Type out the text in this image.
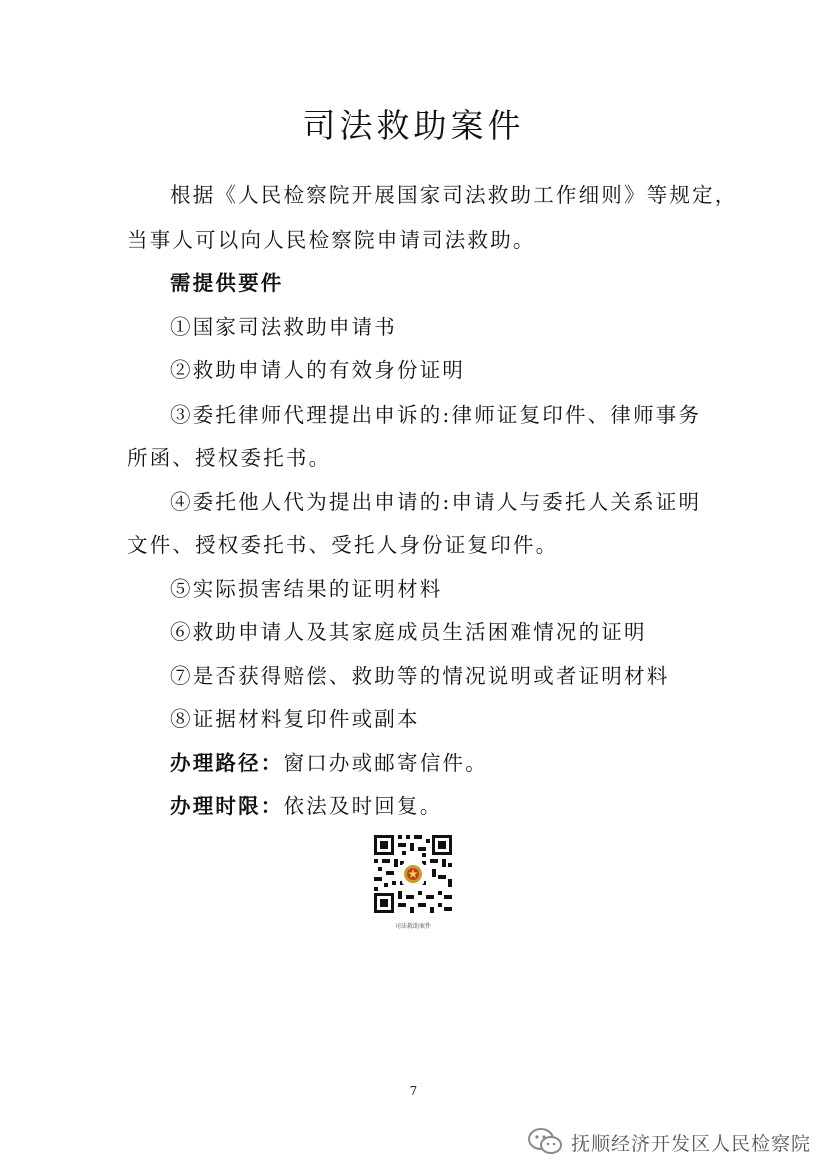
司法救助案件
根据《人民检察院开展国家司法救助工作细则》等规定，
当事人可以向人民检察院申请司法救助。
需提供要件
①国家司法救助申请书
②救助申请人的有效身份证明
③委托律师代理提出申诉的:律师证复印件、律师事务
所函、授权委托书。
④委托他人代为提出申请的:申请人与委托人关系证明
文件、授权委托书、受托人身份证复印件。
⑤实际损害结果的证明材料
⑥救助申请人及其家庭成员生活困难情况的证明
⑦是否获得赔偿、救助等的情况说明或者证明材料
⑧证据材料复印件或副本
办理路径：窗口办或邮寄信件。
办理时限：依法及时回复。
司法救助案件
7
抚顺经济开发区人民检察院
